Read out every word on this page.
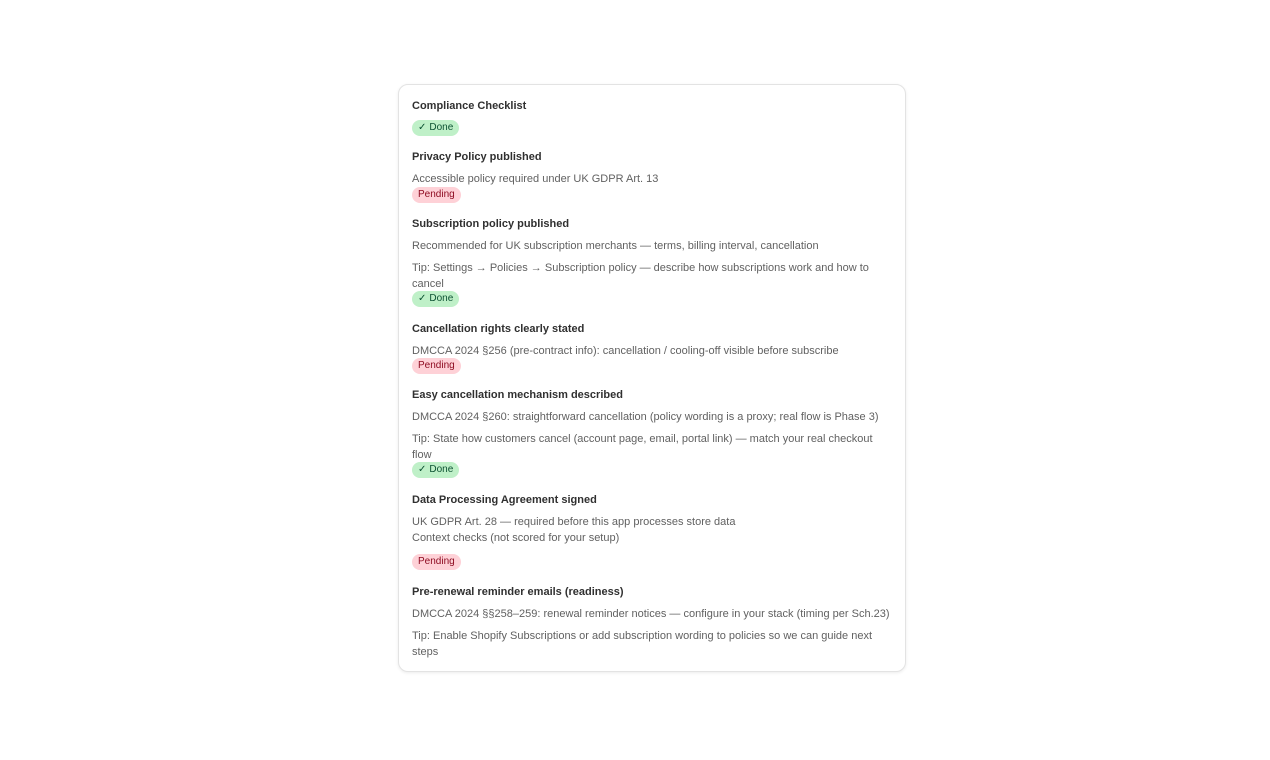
Compliance Checklist
✓ Done
Privacy Policy published
Accessible policy required under UK GDPR Art. 13
Pending
Subscription policy published
Recommended for UK subscription merchants — terms, billing interval, cancellation
Tip: Settings → Policies → Subscription policy — describe how subscriptions work and how to cancel
✓ Done
Cancellation rights clearly stated
DMCCA 2024 §256 (pre-contract info): cancellation / cooling-off visible before subscribe
Pending
Easy cancellation mechanism described
DMCCA 2024 §260: straightforward cancellation (policy wording is a proxy; real flow is Phase 3)
Tip: State how customers cancel (account page, email, portal link) — match your real checkout flow
✓ Done
Data Processing Agreement signed
UK GDPR Art. 28 — required before this app processes store data
Context checks (not scored for your setup)
Pending
Pre-renewal reminder emails (readiness)
DMCCA 2024 §§258–259: renewal reminder notices — configure in your stack (timing per Sch.23)
Tip: Enable Shopify Subscriptions or add subscription wording to policies so we can guide next steps
